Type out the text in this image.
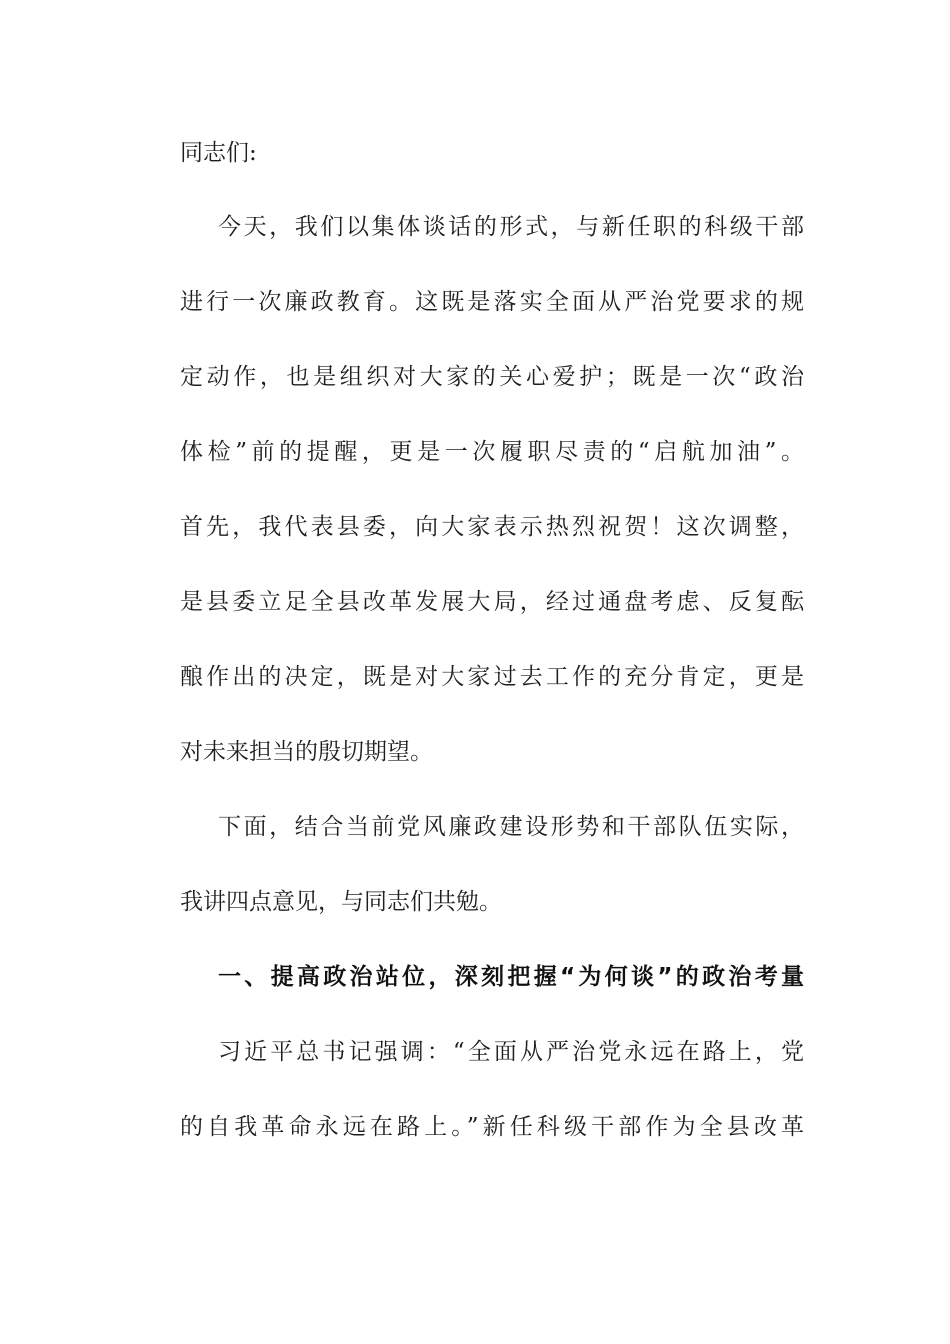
同志们:
今天，我们以集体谈话的形式，与新任职的科级干部
进行一次廉政教育。这既是落实全面从严治党要求的规
定动作，也是组织对大家的关心爱护；既是一次“政治
体检”前的提醒，更是一次履职尽责的“启航加油”。
首先，我代表县委，向大家表示热烈祝贺！这次调整，
是县委立足全县改革发展大局，经过通盘考虑、反复酝
酿作出的决定，既是对大家过去工作的充分肯定，更是
对未来担当的殷切期望。
下面，结合当前党风廉政建设形势和干部队伍实际，
我讲四点意见，与同志们共勉。
一、提高政治站位，深刻把握“为何谈”的政治考量
习近平总书记强调：“全面从严治党永远在路上，党
的自我革命永远在路上。”新任科级干部作为全县改革
